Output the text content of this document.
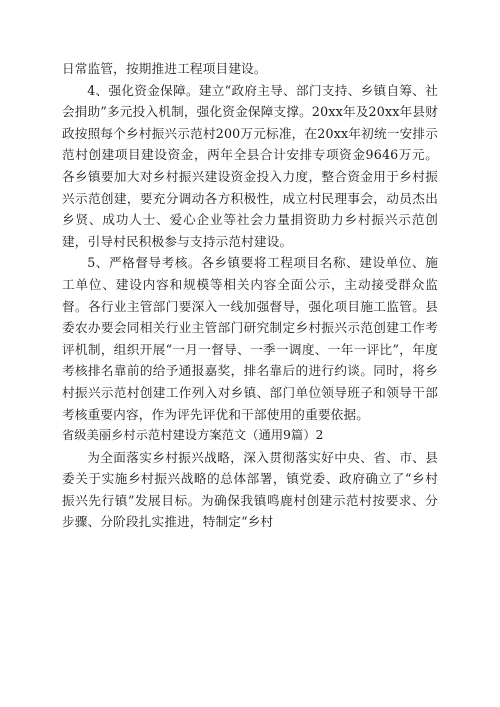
日常监管，按期推进工程项目建设。

4、强化资金保障。建立“政府主导、部门支持、乡镇自筹、社会捐助”多元投入机制，强化资金保障支撑。20xx年及20xx年县财政按照每个乡村振兴示范村200万元标准，在20xx年初统一安排示范村创建项目建设资金，两年全县合计安排专项资金9646万元。各乡镇要加大对乡村振兴建设资金投入力度，整合资金用于乡村振兴示范创建，要充分调动各方积极性，成立村民理事会，动员杰出乡贤、成功人士、爱心企业等社会力量捐资助力乡村振兴示范创建，引导村民积极参与支持示范村建设。

5、严格督导考核。各乡镇要将工程项目名称、建设单位、施工单位、建设内容和规模等相关内容全面公示，主动接受群众监督。各行业主管部门要深入一线加强督导，强化项目施工监管。县委农办要会同相关行业主管部门研究制定乡村振兴示范创建工作考评机制，组织开展“一月一督导、一季一调度、一年一评比”，年度考核排名靠前的给予通报嘉奖，排名靠后的进行约谈。同时，将乡村振兴示范村创建工作列入对乡镇、部门单位领导班子和领导干部考核重要内容，作为评先评优和干部使用的重要依据。

省级美丽乡村示范村建设方案范文（通用9篇）2

为全面落实乡村振兴战略，深入贯彻落实好中央、省、市、县委关于实施乡村振兴战略的总体部署，镇党委、政府确立了“乡村振兴先行镇”发展目标。为确保我镇鸣鹿村创建示范村按要求、分步骤、分阶段扎实推进，特制定“乡村
